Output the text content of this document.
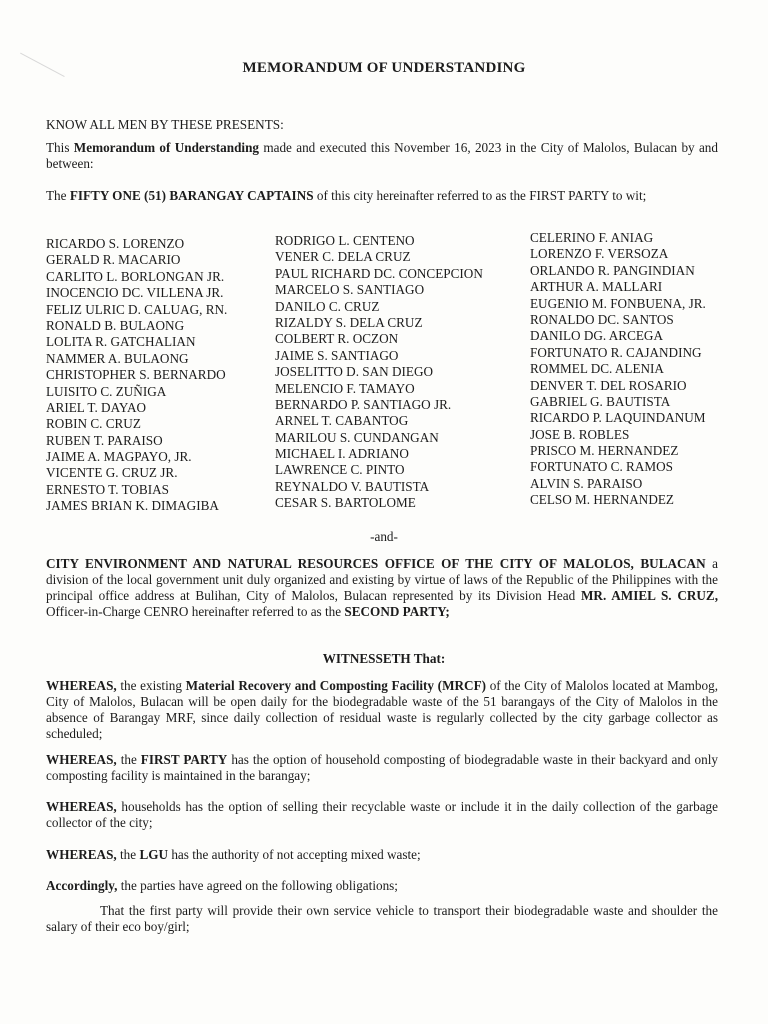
MEMORANDUM OF UNDERSTANDING
KNOW ALL MEN BY THESE PRESENTS:
This Memorandum of Understanding made and executed this November 16, 2023 in the City of Malolos, Bulacan by and between:
The FIFTY ONE (51) BARANGAY CAPTAINS of this city hereinafter referred to as the FIRST PARTY to wit;
RICARDO S. LORENZO
GERALD R. MACARIO
CARLITO L. BORLONGAN JR.
INOCENCIO DC. VILLENA JR.
FELIZ ULRIC D. CALUAG, RN.
RONALD B. BULAONG
LOLITA R. GATCHALIAN
NAMMER A. BULAONG
CHRISTOPHER S. BERNARDO
LUISITO C. ZUÑIGA
ARIEL T. DAYAO
ROBIN C. CRUZ
RUBEN T. PARAISO
JAIME A. MAGPAYO, JR.
VICENTE G. CRUZ JR.
ERNESTO T. TOBIAS
JAMES BRIAN K. DIMAGIBA
RODRIGO L. CENTENO
VENER C. DELA CRUZ
PAUL RICHARD DC. CONCEPCION
MARCELO S. SANTIAGO
DANILO C. CRUZ
RIZALDY S. DELA CRUZ
COLBERT R. OCZON
JAIME S. SANTIAGO
JOSELITTO D. SAN DIEGO
MELENCIO F. TAMAYO
BERNARDO P. SANTIAGO JR.
ARNEL T. CABANTOG
MARILOU S. CUNDANGAN
MICHAEL I. ADRIANO
LAWRENCE C. PINTO
REYNALDO V. BAUTISTA
CESAR S. BARTOLOME
CELERINO F. ANIAG
LORENZO F. VERSOZA
ORLANDO R. PANGINDIAN
ARTHUR A. MALLARI
EUGENIO M. FONBUENA, JR.
RONALDO DC. SANTOS
DANILO DG. ARCEGA
FORTUNATO R. CAJANDING
ROMMEL DC. ALENIA
DENVER T. DEL ROSARIO
GABRIEL G. BAUTISTA
RICARDO P. LAQUINDANUM
JOSE B. ROBLES
PRISCO M. HERNANDEZ
FORTUNATO C. RAMOS
ALVIN S. PARAISO
CELSO M. HERNANDEZ
-and-
CITY ENVIRONMENT AND NATURAL RESOURCES OFFICE OF THE CITY OF MALOLOS, BULACAN a division of the local government unit duly organized and existing by virtue of laws of the Republic of the Philippines with the principal office address at Bulihan, City of Malolos, Bulacan represented by its Division Head MR. AMIEL S. CRUZ, Officer-in-Charge CENRO hereinafter referred to as the SECOND PARTY;
WITNESSETH That:
WHEREAS, the existing Material Recovery and Composting Facility (MRCF) of the City of Malolos located at Mambog, City of Malolos, Bulacan will be open daily for the biodegradable waste of the 51 barangays of the City of Malolos in the absence of Barangay MRF, since daily collection of residual waste is regularly collected by the city garbage collector as scheduled;
WHEREAS, the FIRST PARTY has the option of household composting of biodegradable waste in their backyard and only composting facility is maintained in the barangay;
WHEREAS, households has the option of selling their recyclable waste or include it in the daily collection of the garbage collector of the city;
WHEREAS, the LGU has the authority of not accepting mixed waste;
Accordingly, the parties have agreed on the following obligations;
That the first party will provide their own service vehicle to transport their biodegradable waste and shoulder the salary of their eco boy/girl;
